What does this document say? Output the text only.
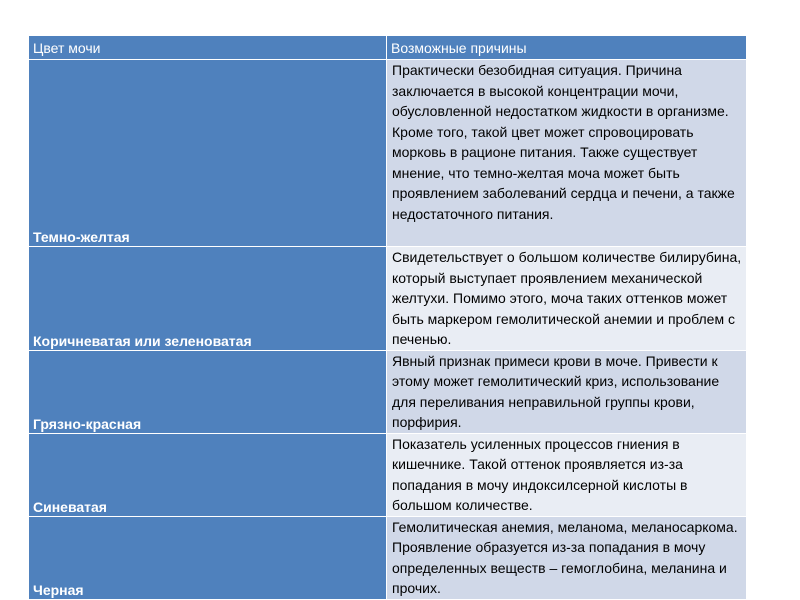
Цвет мочи	Возможные причины
Темно-желтая	Практически безобидная ситуация. Причина заключается в высокой концентрации мочи, обусловленной недостатком жидкости в организме. Кроме того, такой цвет может спровоцировать морковь в рационе питания. Также существует мнение, что темно-желтая моча может быть проявлением заболеваний сердца и печени, а также недостаточного питания.
Коричневатая или зеленоватая	Свидетельствует о большом количестве билирубина, который выступает проявлением механической желтухи. Помимо этого, моча таких оттенков может быть маркером гемолитической анемии и проблем с печенью.
Грязно-красная	Явный признак примеси крови в моче. Привести к этому может гемолитический криз, использование для переливания неправильной группы крови, порфирия.
Синеватая	Показатель усиленных процессов гниения в кишечнике. Такой оттенок проявляется из-за попадания в мочу индоксилсерной кислоты в большом количестве.
Черная	Гемолитическая анемия, меланома, меланосаркома. Проявление образуется из-за попадания в мочу определенных веществ – гемоглобина, меланина и прочих.
